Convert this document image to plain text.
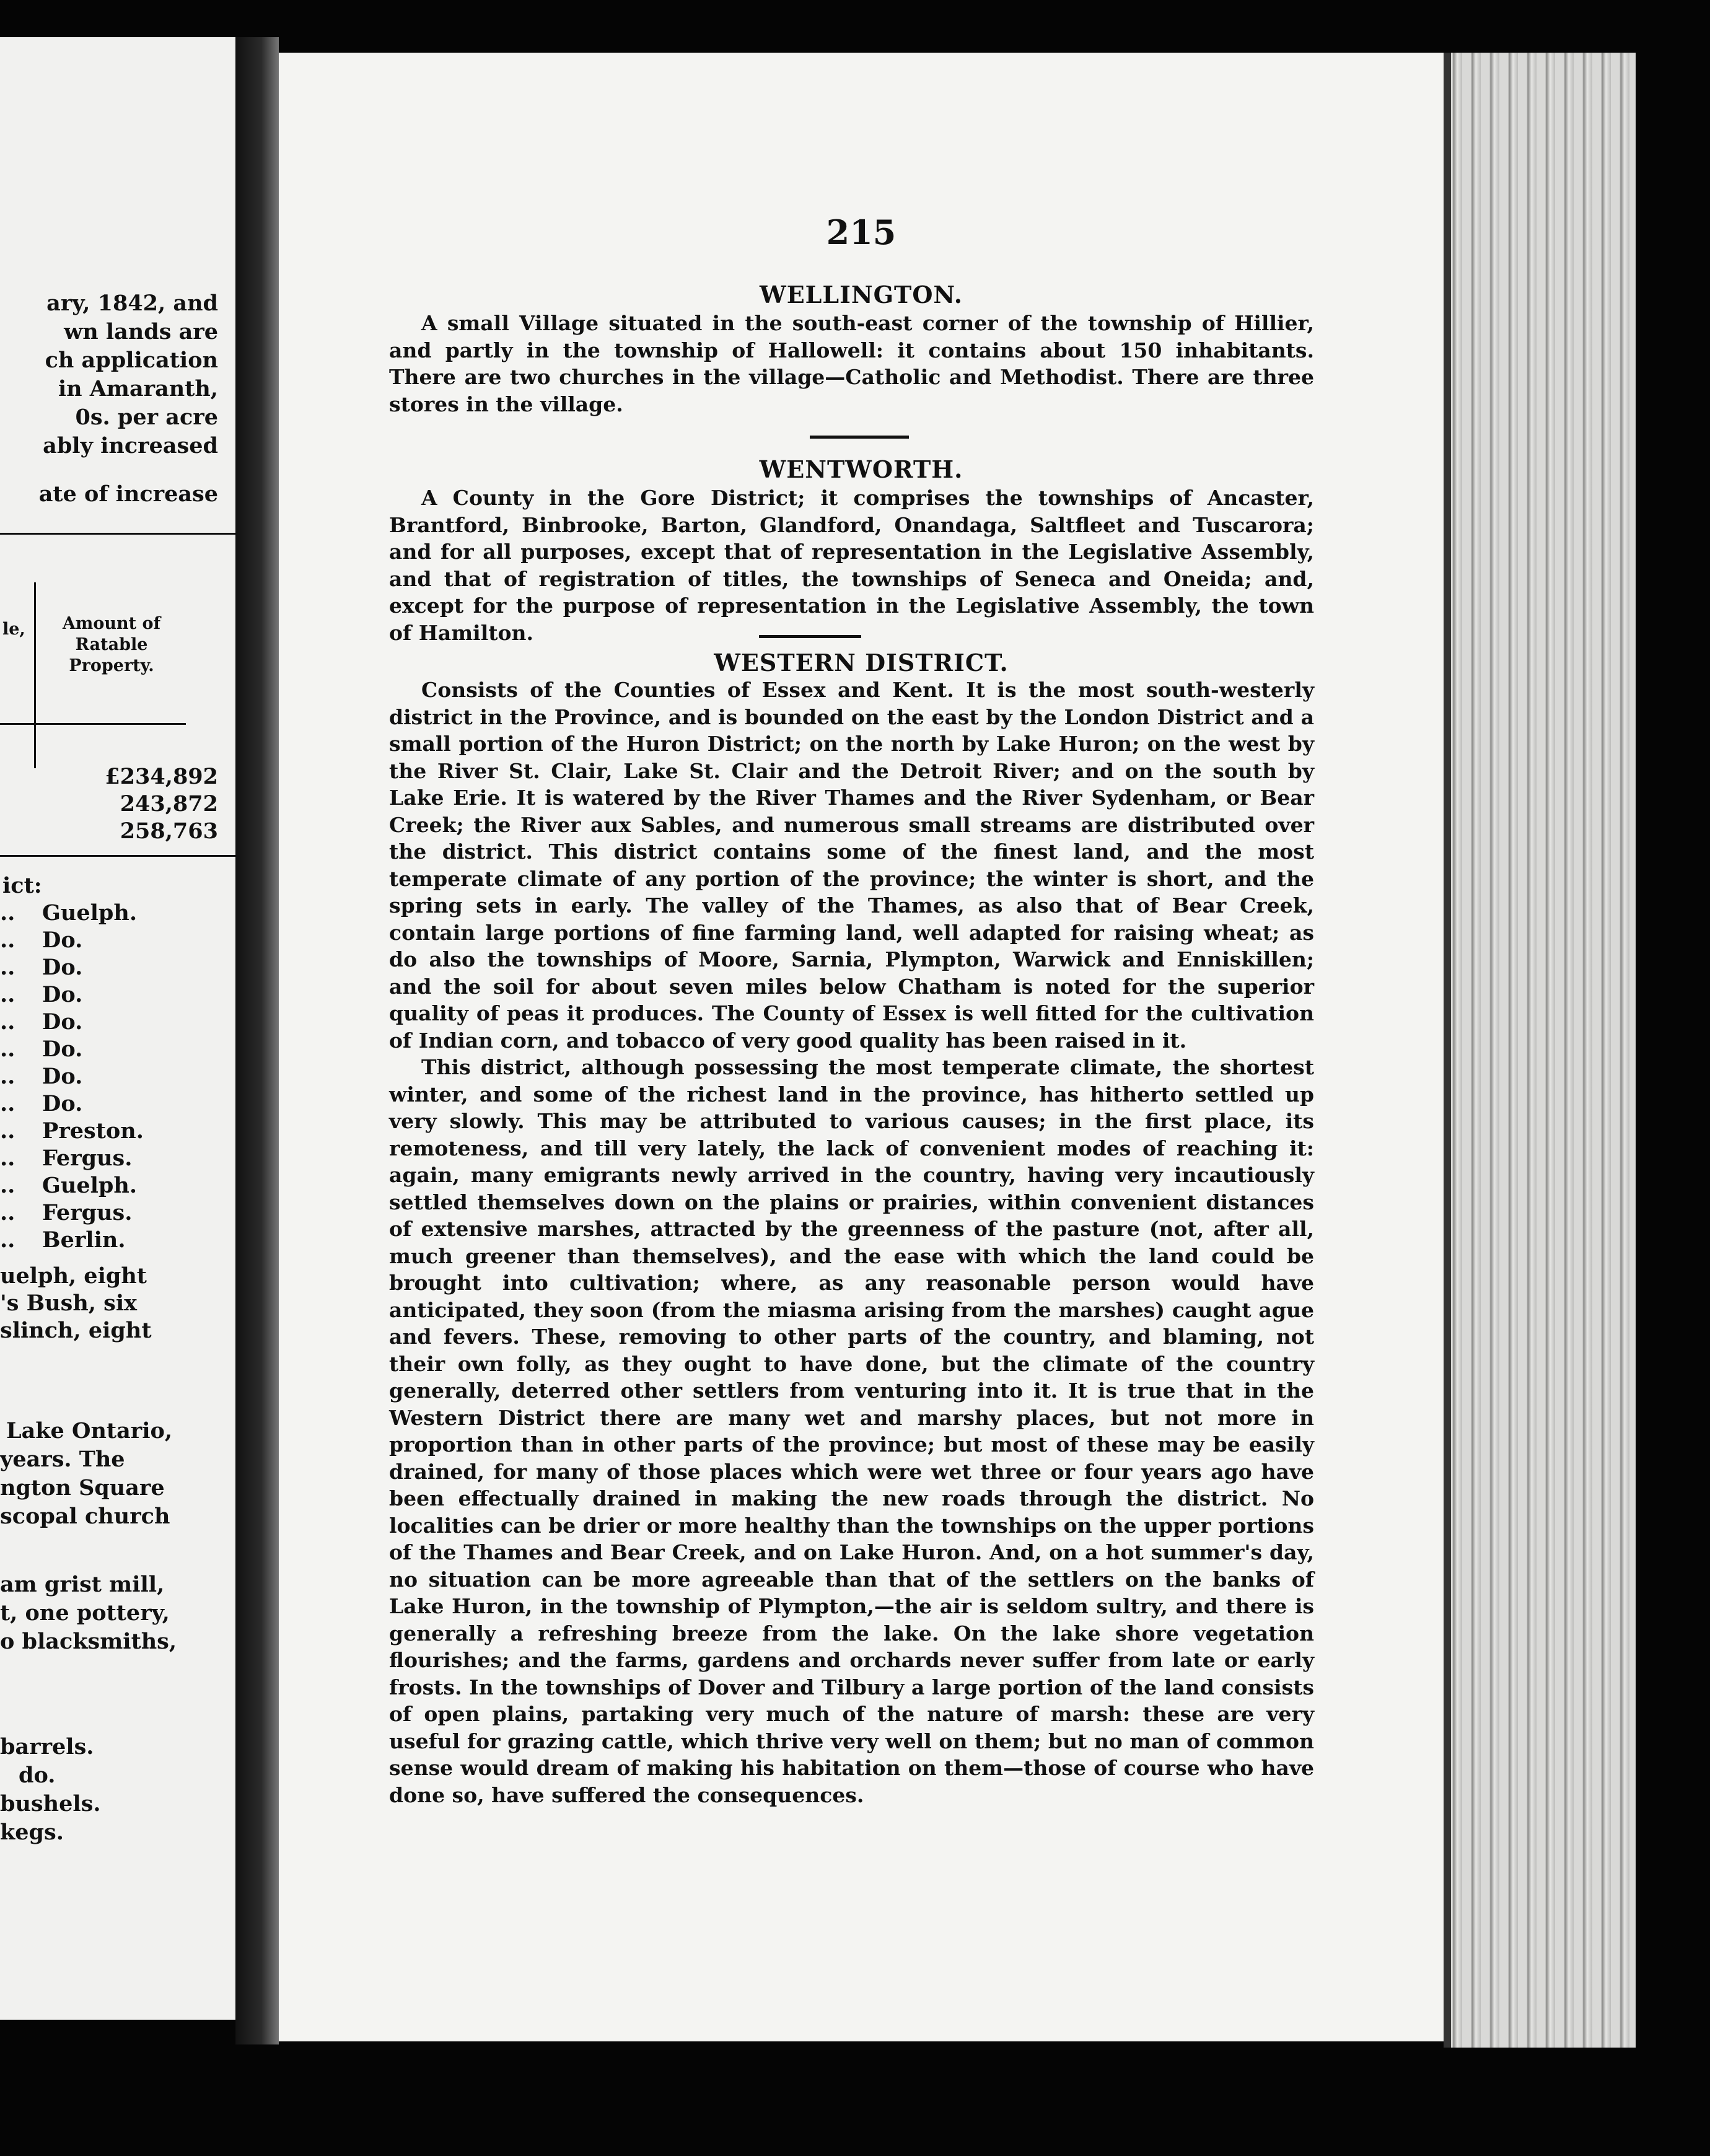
ary, 1842, and
wn lands are
ch application
in Amaranth,
0s. per acre
ably increased
ate of increase
le,	Amount of Ratable Property.
£234,892
243,872
258,763
ict:
.. Guelph.
.. Do.
.. Do.
.. Do.
.. Do.
.. Do.
.. Do.
.. Do.
.. Preston.
.. Fergus.
.. Guelph.
.. Fergus.
.. Berlin.
uelph, eight
's Bush, six
slinch, eight
Lake Ontario,
years. The
ngton Square
scopal church
am grist mill,
t, one pottery,
o blacksmiths,
barrels.
do.
bushels.
kegs.
215
WELLINGTON.

A small Village situated in the south-east corner of the township of Hillier, and partly in the township of Hallowell: it contains about 150 inhabitants. There are two churches in the village—Catholic and Methodist. There are three stores in the village.

WENTWORTH.

A County in the Gore District; it comprises the townships of Ancaster, Brantford, Binbrooke, Barton, Glandford, Onandaga, Saltfleet and Tuscarora; and for all purposes, except that of representation in the Legislative Assembly, and that of registration of titles, the townships of Seneca and Oneida; and, except for the purpose of representation in the Legislative Assembly, the town of Hamilton.

WESTERN DISTRICT.

Consists of the Counties of Essex and Kent. It is the most south-westerly district in the Province, and is bounded on the east by the London District and a small portion of the Huron District; on the north by Lake Huron; on the west by the River St. Clair, Lake St. Clair and the Detroit River; and on the south by Lake Erie. It is watered by the River Thames and the River Sydenham, or Bear Creek; the River aux Sables, and numerous small streams are distributed over the district. This district contains some of the finest land, and the most temperate climate of any portion of the province; the winter is short, and the spring sets in early. The valley of the Thames, as also that of Bear Creek, contain large portions of fine farming land, well adapted for raising wheat; as do also the townships of Moore, Sarnia, Plympton, Warwick and Enniskillen; and the soil for about seven miles below Chatham is noted for the superior quality of peas it produces. The County of Essex is well fitted for the cultivation of Indian corn, and tobacco of very good quality has been raised in it.

This district, although possessing the most temperate climate, the shortest winter, and some of the richest land in the province, has hitherto settled up very slowly. This may be attributed to various causes; in the first place, its remoteness, and till very lately, the lack of convenient modes of reaching it: again, many emigrants newly arrived in the country, having very incautiously settled themselves down on the plains or prairies, within convenient distances of extensive marshes, attracted by the greenness of the pasture (not, after all, much greener than themselves), and the ease with which the land could be brought into cultivation; where, as any reasonable person would have anticipated, they soon (from the miasma arising from the marshes) caught ague and fevers. These, removing to other parts of the country, and blaming, not their own folly, as they ought to have done, but the climate of the country generally, deterred other settlers from venturing into it. It is true that in the Western District there are many wet and marshy places, but not more in proportion than in other parts of the province; but most of these may be easily drained, for many of those places which were wet three or four years ago have been effectually drained in making the new roads through the district. No localities can be drier or more healthy than the townships on the upper portions of the Thames and Bear Creek, and on Lake Huron. And, on a hot summer's day, no situation can be more agreeable than that of the settlers on the banks of Lake Huron, in the township of Plympton,—the air is seldom sultry, and there is generally a refreshing breeze from the lake. On the lake shore vegetation flourishes; and the farms, gardens and orchards never suffer from late or early frosts. In the townships of Dover and Tilbury a large portion of the land consists of open plains, partaking very much of the nature of marsh: these are very useful for grazing cattle, which thrive very well on them; but no man of common sense would dream of making his habitation on them—those of course who have done so, have suffered the consequences.
